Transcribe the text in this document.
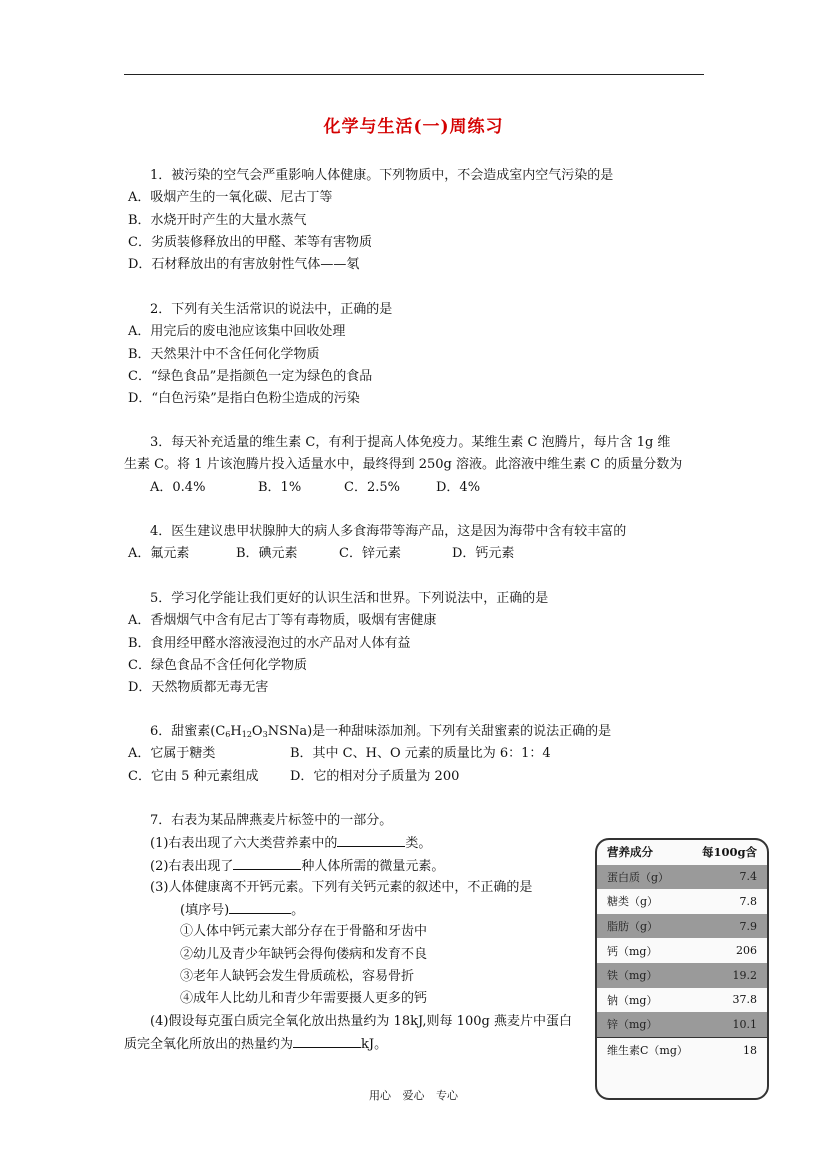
化学与生活(一)周练习
1．被污染的空气会严重影响人体健康。下列物质中，不会造成室内空气污染的是
A．吸烟产生的一氧化碳、尼古丁等
B．水烧开时产生的大量水蒸气
C．劣质装修释放出的甲醛、苯等有害物质
D．石材释放出的有害放射性气体——氡
2．下列有关生活常识的说法中，正确的是
A．用完后的废电池应该集中回收处理
B．天然果汁中不含任何化学物质
C．“绿色食品”是指颜色一定为绿色的食品
D．“白色污染”是指白色粉尘造成的污染
3．每天补充适量的维生素 C，有利于提高人体免疫力。某维生素 C 泡腾片，每片含 1g 维
生素 C。将 1 片该泡腾片投入适量水中，最终得到 250g 溶液。此溶液中维生素 C 的质量分数为
A．0.4%	B．1%	C．2.5%	D．4%
4．医生建议患甲状腺肿大的病人多食海带等海产品，这是因为海带中含有较丰富的
A．氟元素	B．碘元素	C．锌元素	D．钙元素
5．学习化学能让我们更好的认识生活和世界。下列说法中，正确的是
A．香烟烟气中含有尼古丁等有毒物质，吸烟有害健康
B．食用经甲醛水溶液浸泡过的水产品对人体有益
C．绿色食品不含任何化学物质
D．天然物质都无毒无害
6．甜蜜素$(C_6H_{12}O_3NSNa)$是一种甜味添加剂。下列有关甜蜜素的说法正确的是
A．它属于糖类	B．其中 C、H、O 元素的质量比为 6：1：4
C．它由 5 种元素组成 D．它的相对分子质量为 200
7．右表为某品牌燕麦片标签中的一部分。
(1)右表出现了六大类营养素中的	类。
(2)右表出现了	种人体所需的微量元素。
(3)人体健康离不开钙元素。下列有关钙元素的叙述中，不正确的是
(填序号)	。
①人体中钙元素大部分存在于骨骼和牙齿中
②幼儿及青少年缺钙会得佝偻病和发育不良
③老年人缺钙会发生骨质疏松，容易骨折
④成年人比幼儿和青少年需要摄人更多的钙
(4)假设每克蛋白质完全氧化放出热量约为 18kJ,则每 100g 燕麦片中蛋白
质完全氧化所放出的热量约为	kJ。
营养成分	每100g含
蛋白质（g）	7.4
糖类（g）	7.8
脂肪（g）	7.9
钙（mg）	206
铁（mg）	19.2
钠（mg）	37.8
锌（mg）	10.1
维生素C（mg）	18
用心 爱心 专心
